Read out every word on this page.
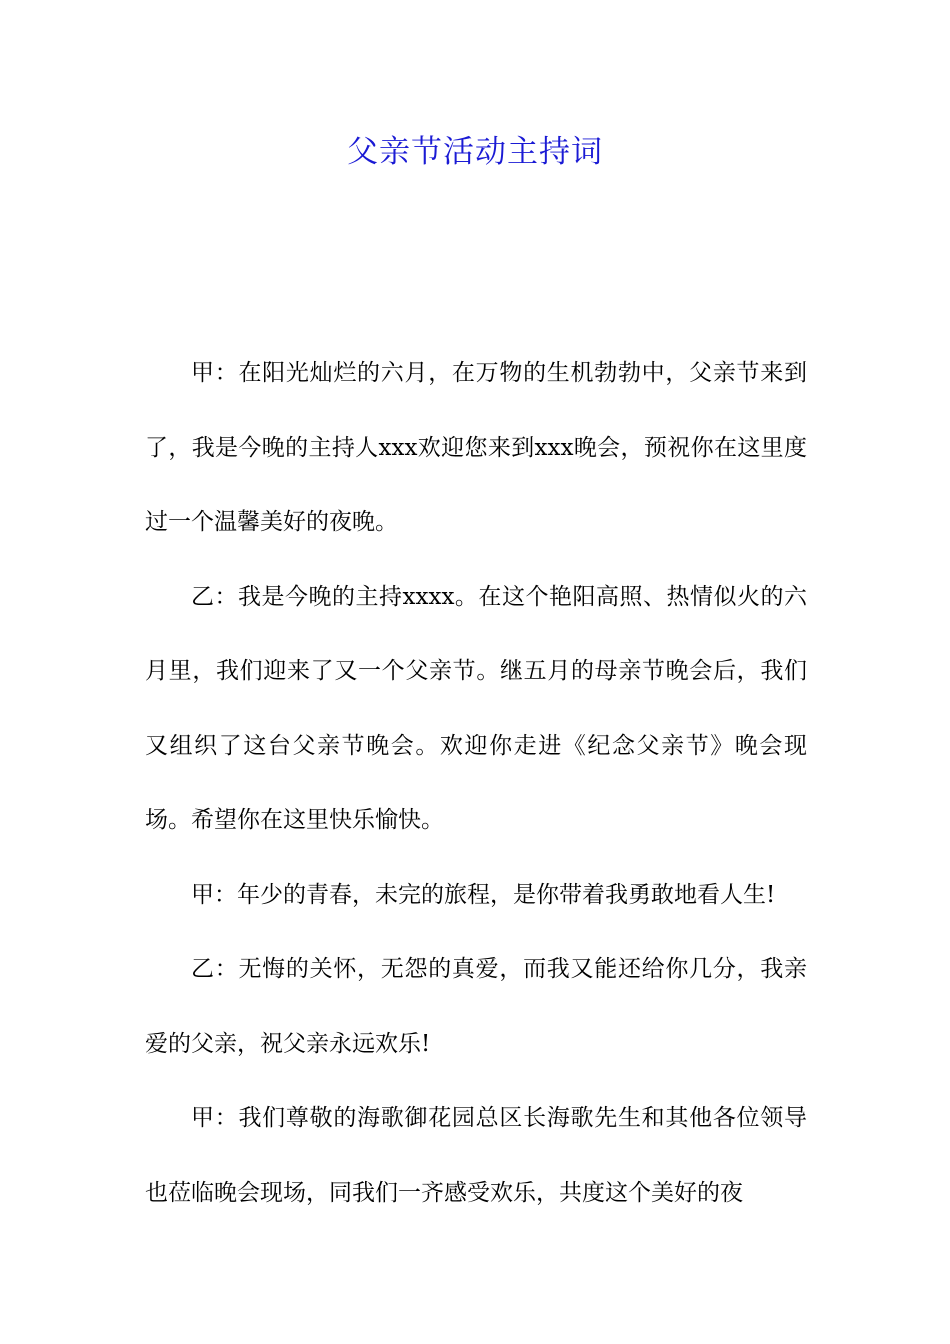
父亲节活动主持词

甲：在阳光灿烂的六月，在万物的生机勃勃中，父亲节来到了，我是今晚的主持人xxx欢迎您来到xxx晚会，预祝你在这里度过一个温馨美好的夜晚。

乙：我是今晚的主持xxxx。在这个艳阳高照、热情似火的六月里，我们迎来了又一个父亲节。继五月的母亲节晚会后，我们又组织了这台父亲节晚会。欢迎你走进《纪念父亲节》晚会现场。希望你在这里快乐愉快。

甲：年少的青春，未完的旅程，是你带着我勇敢地看人生!

乙：无悔的关怀，无怨的真爱，而我又能还给你几分，我亲爱的父亲，祝父亲永远欢乐!

甲：我们尊敬的海歌御花园总区长海歌先生和其他各位领导也莅临晚会现场，同我们一齐感受欢乐，共度这个美好的夜
